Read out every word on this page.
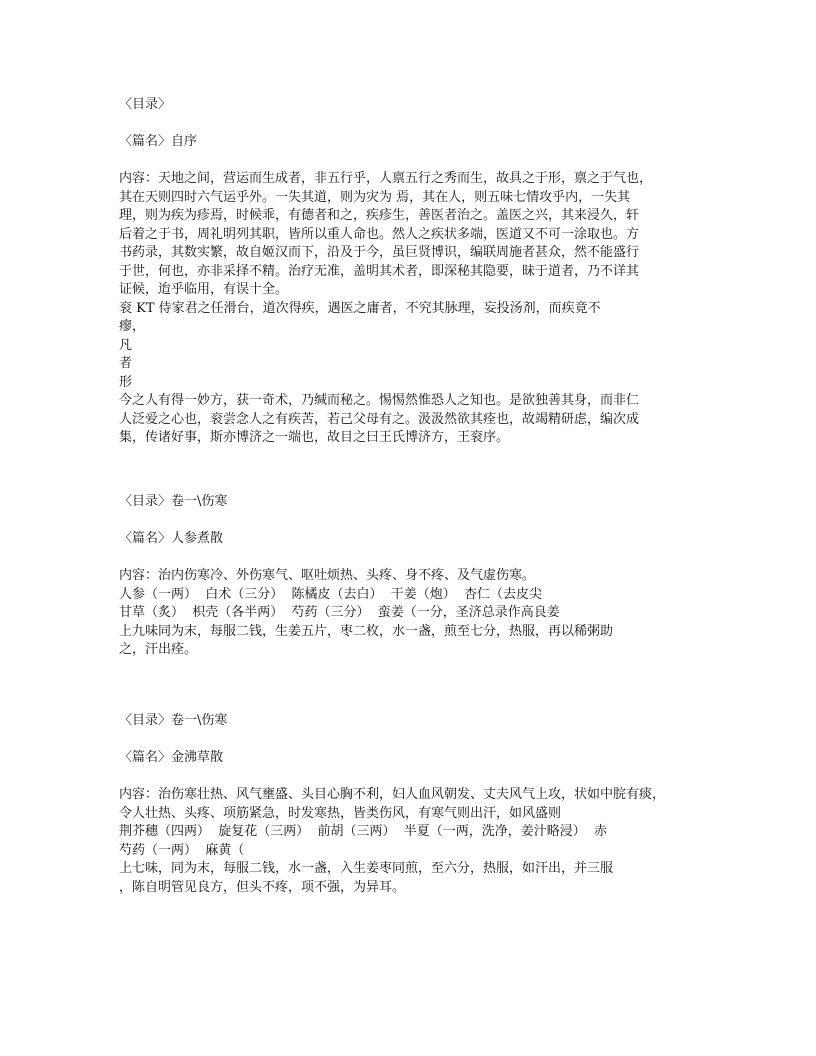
〈目录〉
〈篇名〉自序
内容：天地之间，营运而生成者，非五行乎，人禀五行之秀而生，故具之于形，禀之于气也，
其在天则四时六气运乎外。一失其道，则为灾为 焉，其在人，则五味七情攻乎内，一失其
理，则为疾为疹焉，时候乖，有德者和之，疾疹生，善医者治之。盖医之兴，其来浸久，轩
后着之于书，周礼明列其职，皆所以重人命也。然人之疾状多端，医道又不可一涂取也。方
书药录，其数实繁，故自姬汉而下，沿及于今，虽巨贤博识，编联周施者甚众，然不能盛行
于世，何也，亦非采择不精。治疗无准，盖明其术者，即深秘其隐要，昧于道者，乃不详其
证候，迨乎临用，有误十全。
衮 KT 侍家君之任滑台，道次得疾，遇医之庸者，不究其脉理，妄投汤剂，而疾竟不
瘳，
凡
者
形
今之人有得一妙方，获一奇术，乃缄而秘之。惕惕然惟恐人之知也。是欲独善其身，而非仁
人泛爱之心也，衮尝念人之有疾苦，若己父母有之。汲汲然欲其痊也，故竭精研虑，编次成
集，传诸好事，斯亦博济之一端也，故目之曰王氏博济方，王衮序。
〈目录〉卷一\伤寒
〈篇名〉人参煮散
内容：治内伤寒冷、外伤寒气、呕吐烦热、头疼、身不疼、及气虚伤寒。
人参（一两）  白术（三分）  陈橘皮（去白）  干姜（炮）  杏仁（去皮尖
甘草（炙）  枳壳（各半两）  芍药（三分）  蛮姜（一分，圣济总录作高良姜
上九味同为末，每服二钱，生姜五片，枣二枚，水一盏，煎至七分，热服，再以稀粥助
之，汗出痊。
〈目录〉卷一\伤寒
〈篇名〉金沸草散
内容：治伤寒壮热、风气壅盛、头目心胸不利，妇人血风朝发、丈夫风气上攻，状如中脘有痰，
令人壮热、头疼、项筋紧急，时发寒热，皆类伤风，有寒气则出汗，如风盛则
荆芥穗（四两）  旋复花（三两）  前胡（三两）  半夏（一两，洗净，姜汁略浸）  赤
芍药（一两）  麻黄（
上七味，同为末，每服二钱，水一盏，入生姜枣同煎，至六分，热服，如汗出，并三服
，陈自明管见良方，但头不疼，项不强，为异耳。
